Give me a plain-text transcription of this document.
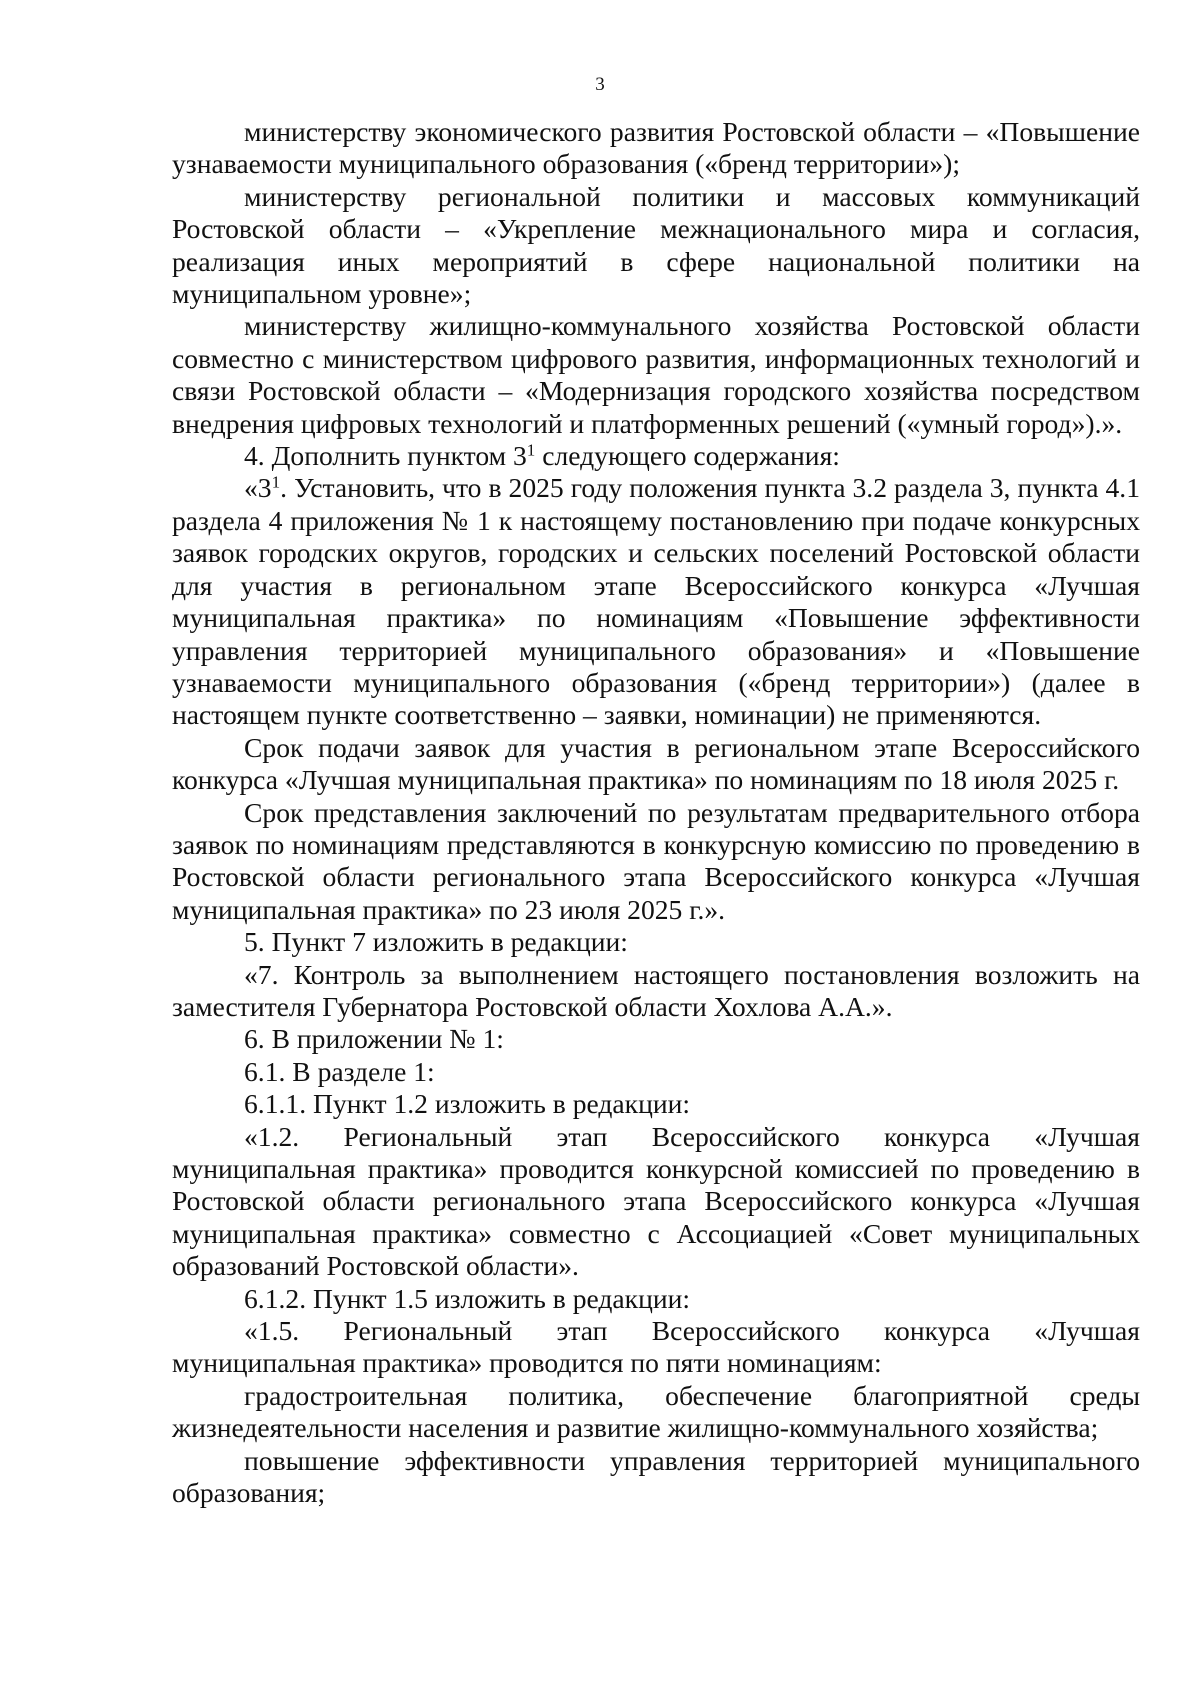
3

министерству экономического развития Ростовской области – «Повышение узнаваемости муниципального образования («бренд территории»);

министерству региональной политики и массовых коммуникаций Ростовской области – «Укрепление межнационального мира и согласия, реализация иных мероприятий в сфере национальной политики на муниципальном уровне»;

министерству жилищно-коммунального хозяйства Ростовской области совместно с министерством цифрового развития, информационных технологий и связи Ростовской области – «Модернизация городского хозяйства посредством внедрения цифровых технологий и платформенных решений («умный город»).».

4. Дополнить пунктом $3^1$ следующего содержания:

«$3^1$. Установить, что в 2025 году положения пункта 3.2 раздела 3, пункта 4.1 раздела 4 приложения № 1 к настоящему постановлению при подаче конкурсных заявок городских округов, городских и сельских поселений Ростовской области для участия в региональном этапе Всероссийского конкурса «Лучшая муниципальная практика» по номинациям «Повышение эффективности управления территорией муниципального образования» и «Повышение узнаваемости муниципального образования («бренд территории») (далее в настоящем пункте соответственно – заявки, номинации) не применяются.

Срок подачи заявок для участия в региональном этапе Всероссийского конкурса «Лучшая муниципальная практика» по номинациям по 18 июля 2025 г.

Срок представления заключений по результатам предварительного отбора заявок по номинациям представляются в конкурсную комиссию по проведению в Ростовской области регионального этапа Всероссийского конкурса «Лучшая муниципальная практика» по 23 июля 2025 г.».

5. Пункт 7 изложить в редакции:

«7. Контроль за выполнением настоящего постановления возложить на заместителя Губернатора Ростовской области Хохлова А.А.».

6. В приложении № 1:

6.1. В разделе 1:

6.1.1. Пункт 1.2 изложить в редакции:

«1.2. Региональный этап Всероссийского конкурса «Лучшая муниципальная практика» проводится конкурсной комиссией по проведению в Ростовской области регионального этапа Всероссийского конкурса «Лучшая муниципальная практика» совместно с Ассоциацией «Совет муниципальных образований Ростовской области».

6.1.2. Пункт 1.5 изложить в редакции:

«1.5. Региональный этап Всероссийского конкурса «Лучшая муниципальная практика» проводится по пяти номинациям:

градостроительная политика, обеспечение благоприятной среды жизнедеятельности населения и развитие жилищно-коммунального хозяйства;

повышение эффективности управления территорией муниципального образования;
